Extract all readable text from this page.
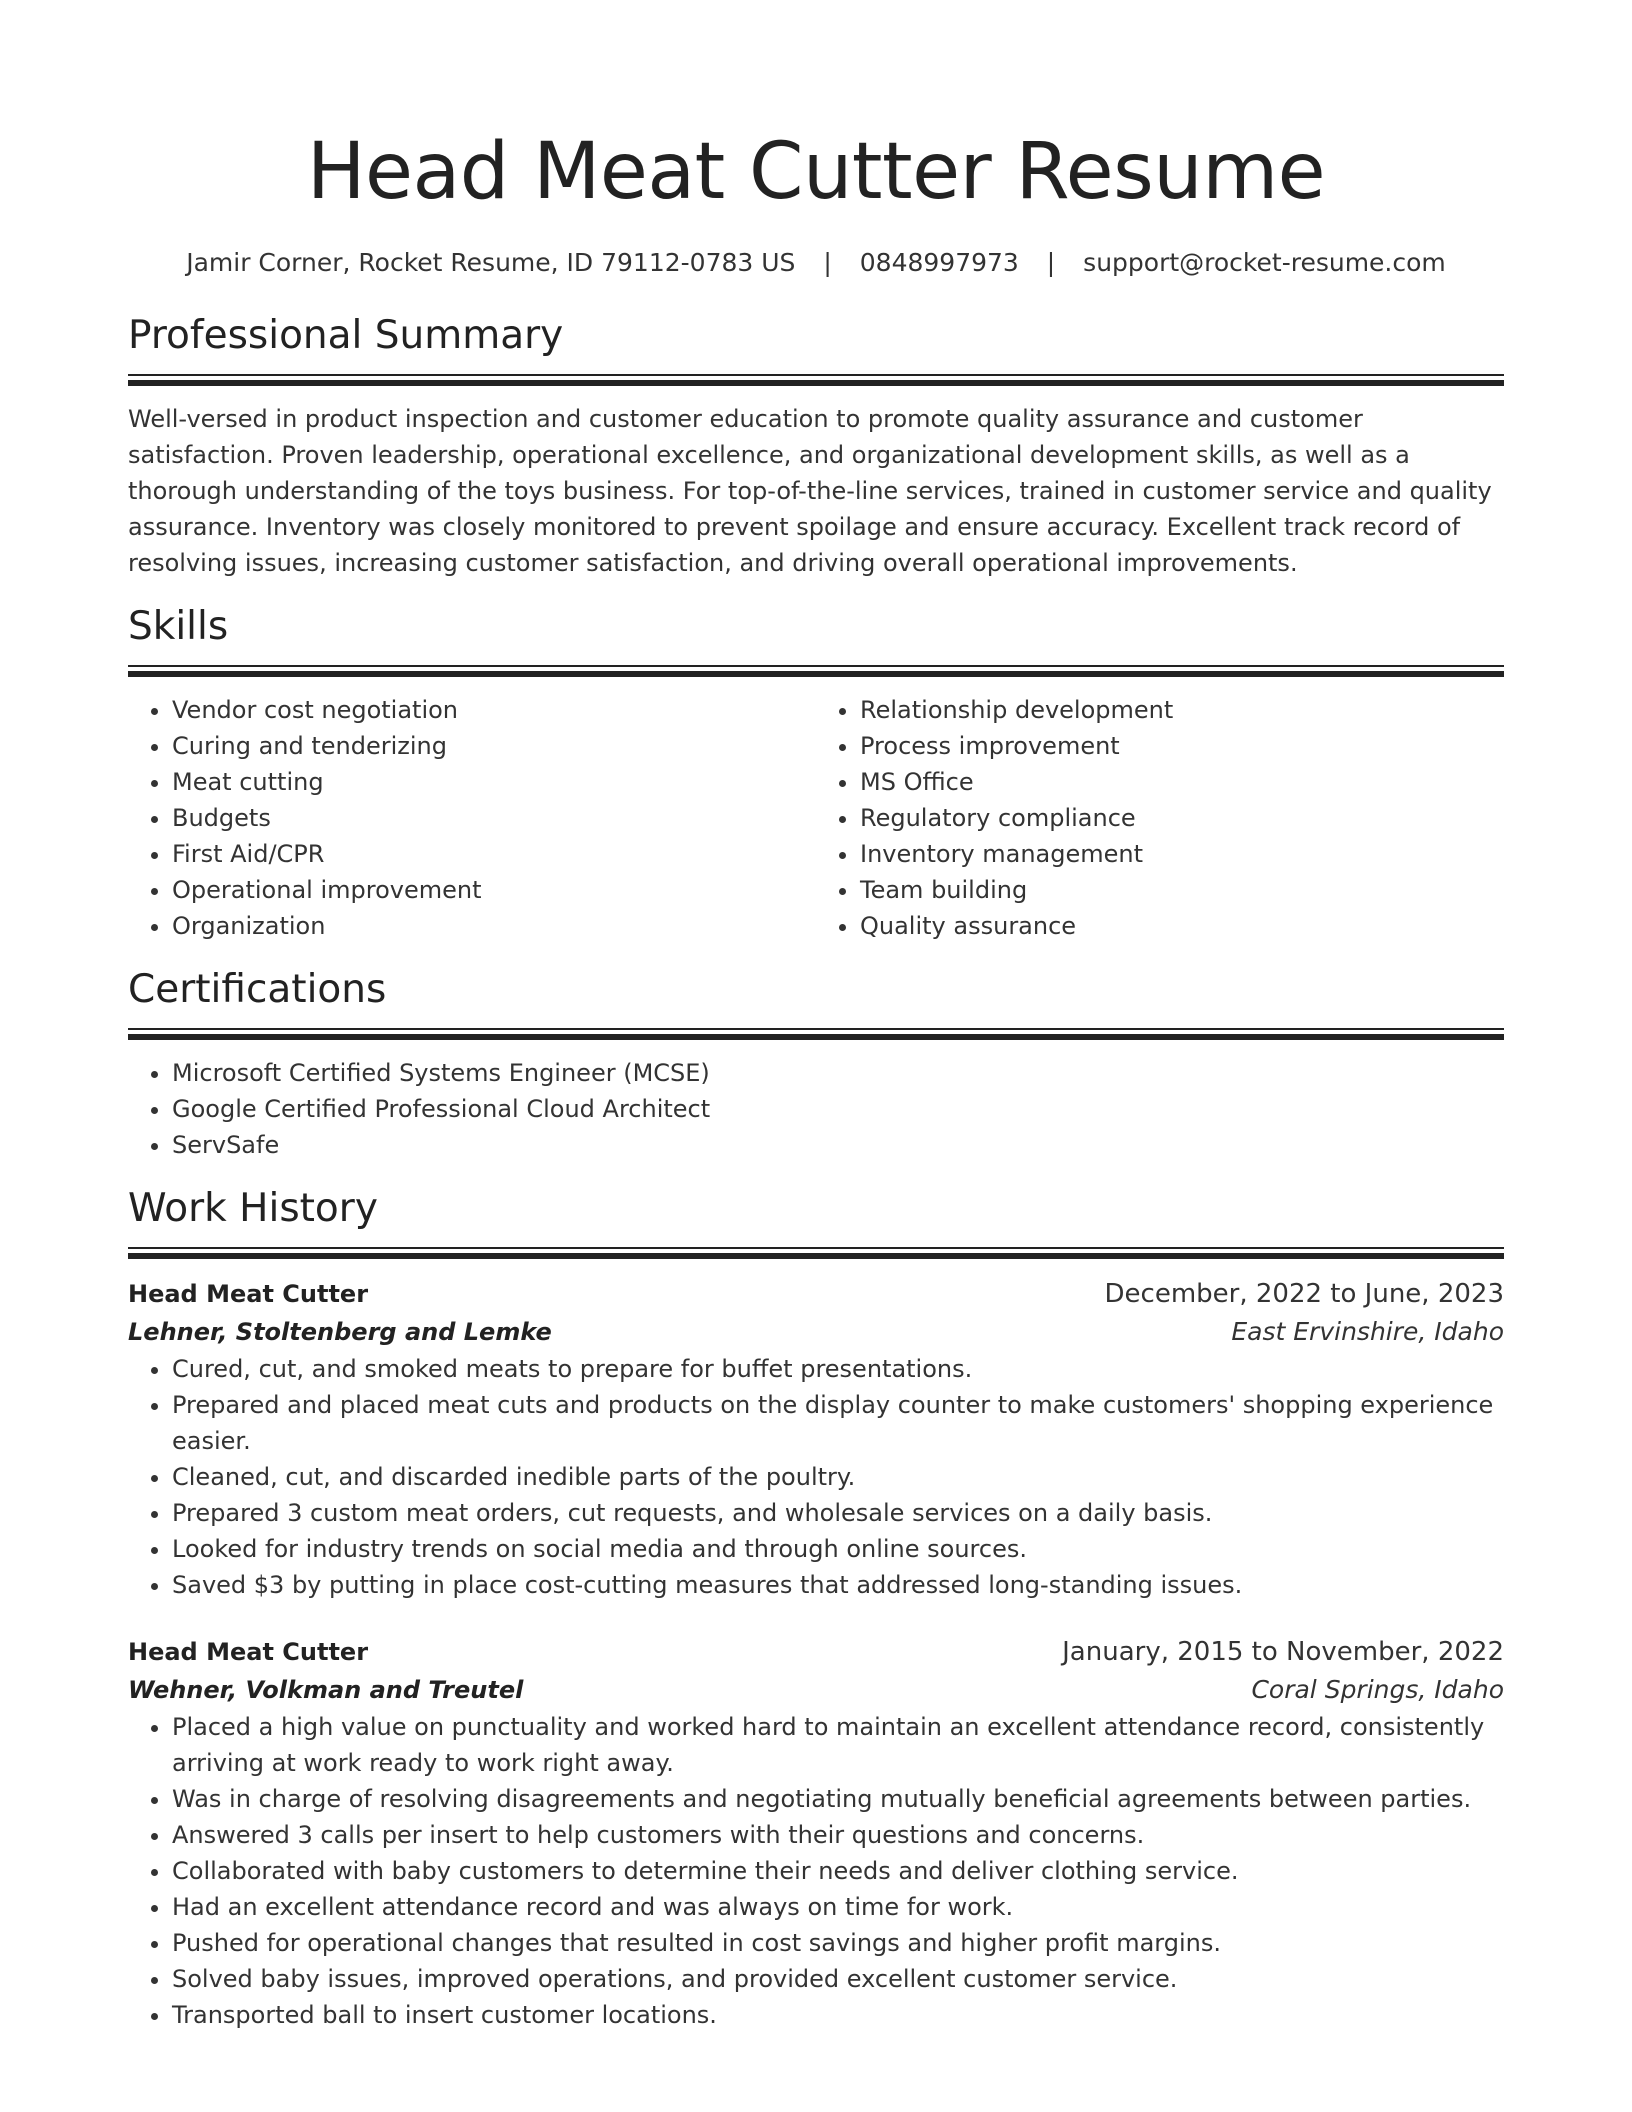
Head Meat Cutter Resume
Jamir Corner, Rocket Resume, ID 79112-0783 US | 0848997973 | support@rocket-resume.com
Professional Summary

Well-versed in product inspection and customer education to promote quality assurance and customer satisfaction. Proven leadership, operational excellence, and organizational development skills, as well as a thorough understanding of the toys business. For top-of-the-line services, trained in customer service and quality assurance. Inventory was closely monitored to prevent spoilage and ensure accuracy. Excellent track record of resolving issues, increasing customer satisfaction, and driving overall operational improvements.

Skills
• Vendor cost negotiation
• Curing and tenderizing
• Meat cutting
• Budgets
• First Aid/CPR
• Operational improvement
• Organization
• Relationship development
• Process improvement
• MS Office
• Regulatory compliance
• Inventory management
• Team building
• Quality assurance
Certifications
• Microsoft Certified Systems Engineer (MCSE)
• Google Certified Professional Cloud Architect
• ServSafe
Work History
Head Meat Cutter	December, 2022 to June, 2023
Lehner, Stoltenberg and Lemke	East Ervinshire, Idaho
• Cured, cut, and smoked meats to prepare for buffet presentations.
• Prepared and placed meat cuts and products on the display counter to make customers' shopping experience easier.
• Cleaned, cut, and discarded inedible parts of the poultry.
• Prepared 3 custom meat orders, cut requests, and wholesale services on a daily basis.
• Looked for industry trends on social media and through online sources.
• Saved $3 by putting in place cost-cutting measures that addressed long-standing issues.
Head Meat Cutter	January, 2015 to November, 2022
Wehner, Volkman and Treutel	Coral Springs, Idaho
• Placed a high value on punctuality and worked hard to maintain an excellent attendance record, consistently arriving at work ready to work right away.
• Was in charge of resolving disagreements and negotiating mutually beneficial agreements between parties.
• Answered 3 calls per insert to help customers with their questions and concerns.
• Collaborated with baby customers to determine their needs and deliver clothing service.
• Had an excellent attendance record and was always on time for work.
• Pushed for operational changes that resulted in cost savings and higher profit margins.
• Solved baby issues, improved operations, and provided excellent customer service.
• Transported ball to insert customer locations.
